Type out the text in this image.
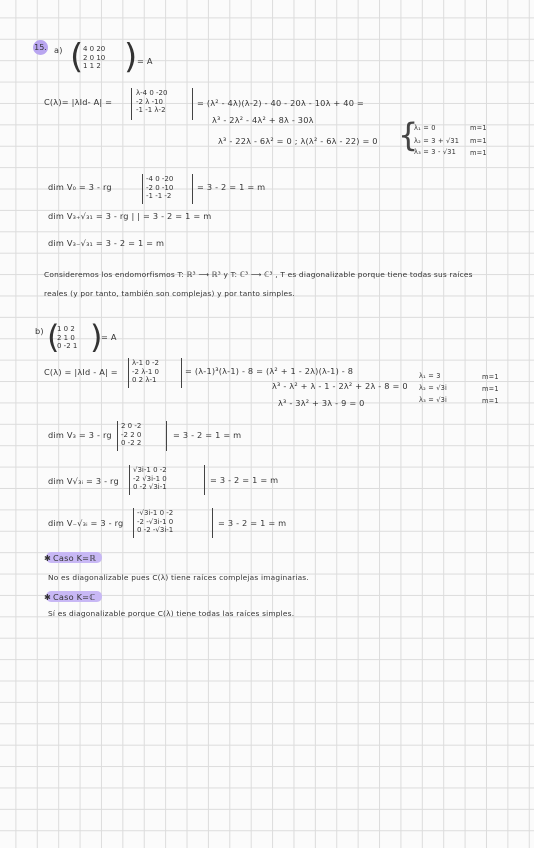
15. a) ( 4 0 20
2 0 10
1 1 2 ) = A
C(λ)= |λId- A| =
λ-4 0 -20
-2 λ -10
-1 -1 λ-2
= (λ² - 4λ)(λ-2) - 40 - 20λ - 10λ + 40 =
λ³ - 2λ² - 4λ² + 8λ - 30λ
λ³ - 22λ - 6λ² = 0 ; λ(λ² - 6λ - 22) = 0 {
λ₁ = 0
λ₂ = 3 + √31
λ₃ = 3 - √31
m=1
m=1
m=1
dim V₀ = 3 - rg
-4 0 -20
-2 0 -10
-1 -1 -2
= 3 - 2 = 1 = m
dim V₃₊√₃₁ = 3 - rg | | = 3 - 2 = 1 = m
dim V₃₋√₃₁ = 3 - 2 = 1 = m
Consideremos los endomorfismos T: ℝ³ ⟶ ℝ³ y T: ℂ³ ⟶ ℂ³ , T es diagonalizable porque tiene todas sus raíces
reales (y por tanto, también son complejas) y por tanto simples.
b) (
1 0 2
2 1 0
0 -2 1 )
= A
C(λ) = |λId - A| =
λ-1 0 -2
-2 λ-1 0
0 2 λ-1
= (λ-1)³(λ-1) - 8 = (λ² + 1 - 2λ)(λ-1) - 8
λ³ - λ² + λ - 1 - 2λ² + 2λ - 8 = 0
λ³ - 3λ² + 3λ - 9 = 0
λ₁ = 3
λ₂ = √3i
λ₃ = √3i
m=1
m=1
m=1
dim V₃ = 3 - rg
2 0 -2
-2 2 0
0 -2 2
= 3 - 2 = 1 = m
dim V√₃ᵢ = 3 - rg
√3i-1 0 -2
-2 √3i-1 0
0 -2 √3i-1
= 3 - 2 = 1 = m
dim V₋√₃ᵢ = 3 - rg
-√3i-1 0 -2
-2 -√3i-1 0
0 -2 -√3i-1
= 3 - 2 = 1 = m
✱ Caso K=ℝ
No es diagonalizable pues C(λ) tiene raíces complejas imaginarias.
✱ Caso K=ℂ
Sí es diagonalizable porque C(λ) tiene todas las raíces simples.
